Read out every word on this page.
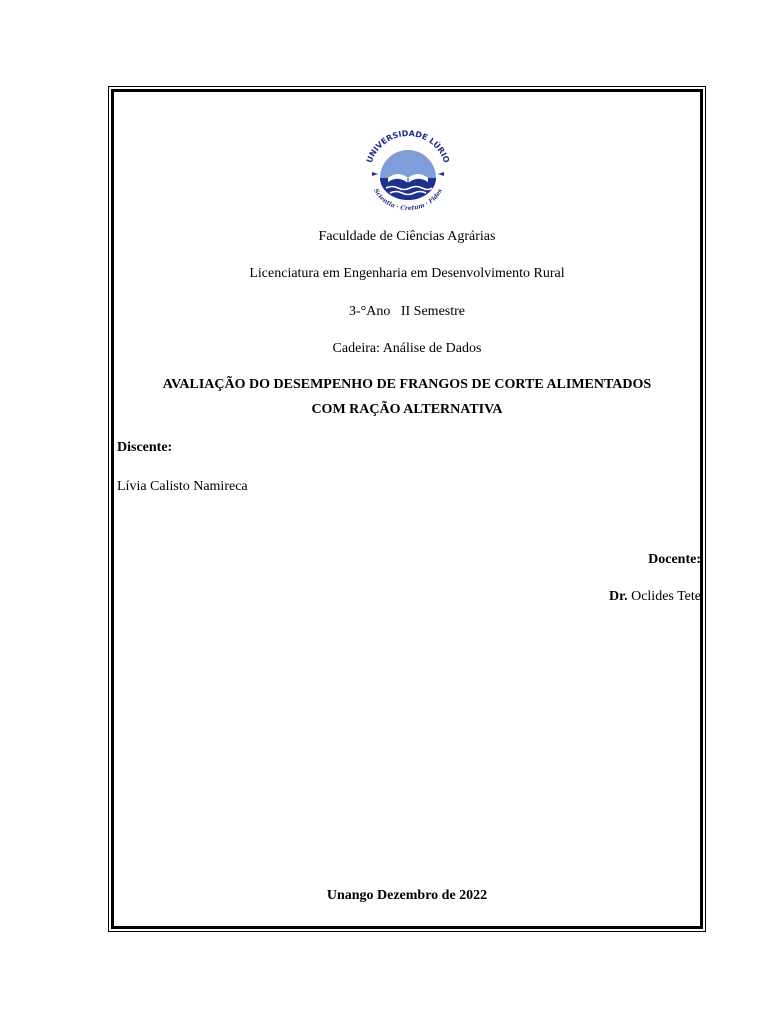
UNIVERSIDADE LÚRIO
Scientia · Cretum · Fides
Faculdade de Ciências Agrárias
Licenciatura em Engenharia em Desenvolvimento Rural
3-°Ano   II Semestre
Cadeira: Análise de Dados
AVALIAÇÃO DO DESEMPENHO DE FRANGOS DE CORTE ALIMENTADOS
COM RAÇÃO ALTERNATIVA
Discente:
Lívia Calisto Namireca
Docente:
Dr. Oclides Tete
Unango Dezembro de 2022
